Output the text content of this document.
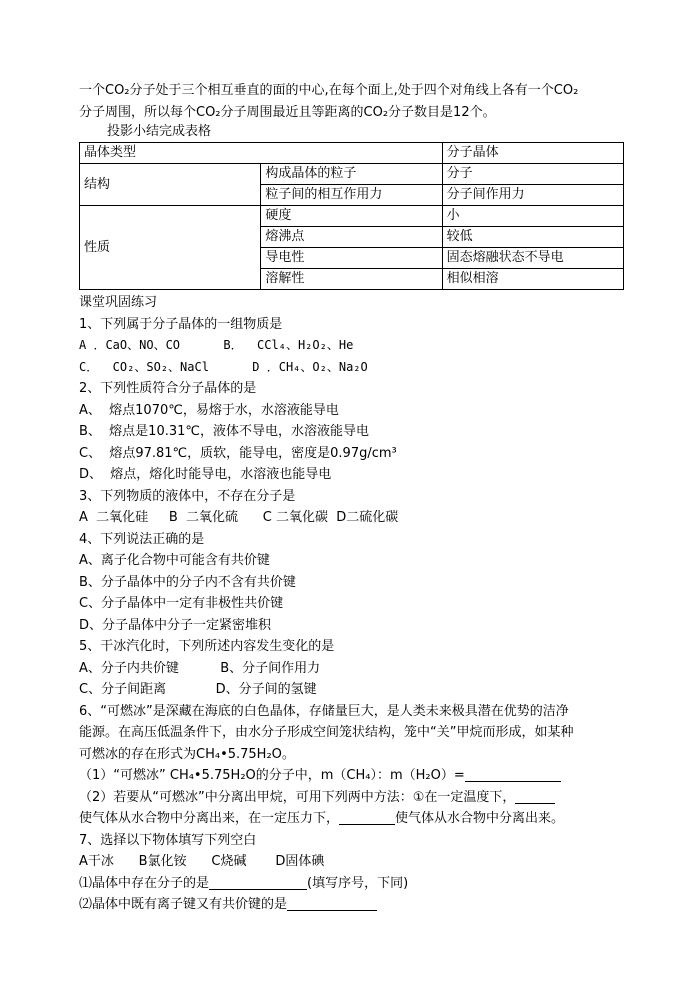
一个CO₂分子处于三个相互垂直的面的中心,在每个面上,处于四个对角线上各有一个CO₂
分子周围，所以每个CO₂分子周围最近且等距离的CO₂分子数目是12个。
投影小结完成表格
晶体类型		分子晶体
结构	构成晶体的粒子	分子
	粒子间的相互作用力	分子间作用力
性质	硬度	小
	熔沸点	较低
	导电性	固态熔融状态不导电
	溶解性	相似相溶
课堂巩固练习
1、下列属于分子晶体的一组物质是
A ．CaO、NO、CO      B．  CCl₄、H₂O₂、He
C．  CO₂、SO₂、NaCl      D ．CH₄、O₂、Na₂O
2、下列性质符合分子晶体的是
A、  熔点1070℃，易熔于水，水溶液能导电
B、  熔点是10.31℃，液体不导电，水溶液能导电
C、  熔点97.81℃，质软，能导电，密度是0.97g/cm³
D、  熔点，熔化时能导电，水溶液也能导电
3、下列物质的液体中，不存在分子是
A  二氧化硅     B  二氧化硫      C 二氧化碳  D二硫化碳
4、下列说法正确的是
A、离子化合物中可能含有共价键
B、分子晶体中的分子内不含有共价键
C、分子晶体中一定有非极性共价键
D、分子晶体中分子一定紧密堆积
5、干冰汽化时，下列所述内容发生变化的是
A、分子内共价键          B、分子间作用力
C、分子间距离            D、分子间的氢键
6、“可燃冰”是深藏在海底的白色晶体，存储量巨大，是人类未来极具潜在优势的洁净
能源。在高压低温条件下，由水分子形成空间笼状结构，笼中“关”甲烷而形成，如某种
可燃冰的存在形式为CH₄•5.75H₂O。
（1）“可燃冰” CH₄•5.75H₂O的分子中，m（CH₄）：m（H₂O）=
（2）若要从“可燃冰”中分离出甲烷，可用下列两中方法：①在一定温度下，
使气体从水合物中分离出来，在一定压力下，	使气体从水合物中分离出来。
7、选择以下物体填写下列空白
A干冰      B氯化铵      C烧碱       D固体碘
⑴晶体中存在分子的是	(填写序号，下同)
⑵晶体中既有离子键又有共价键的是
